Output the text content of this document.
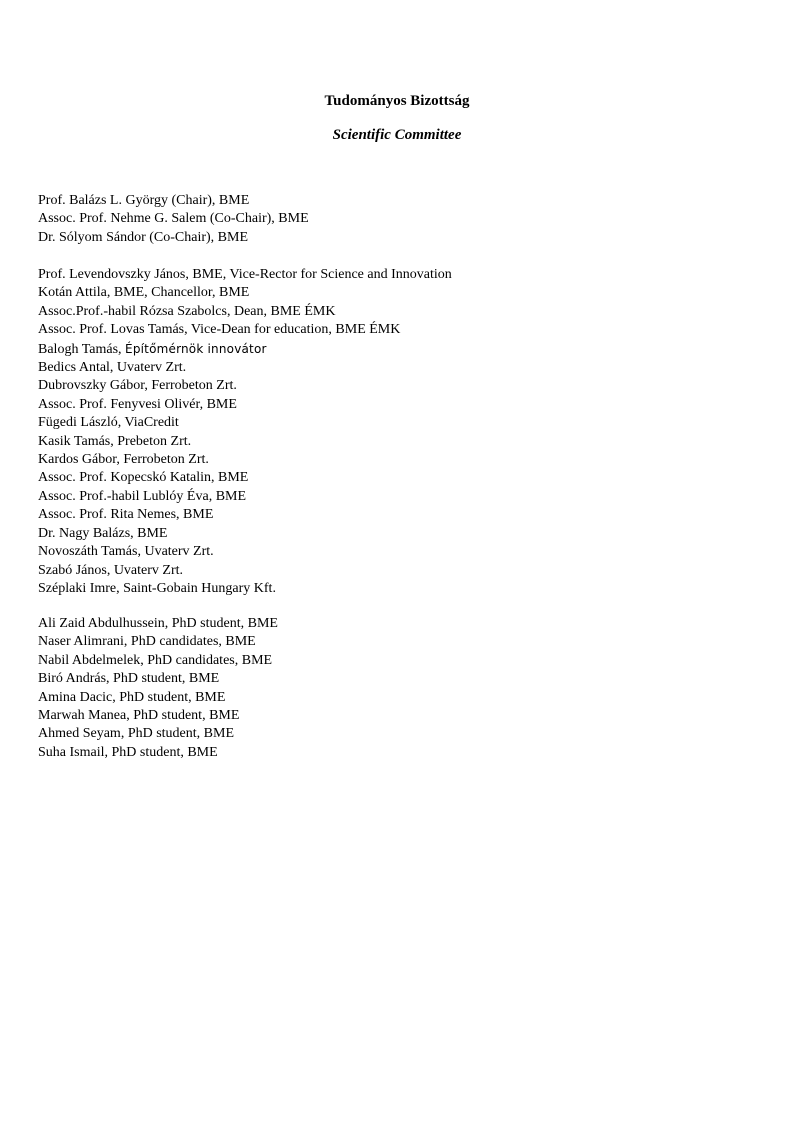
Tudományos Bizottság

Scientific Committee

Prof. Balázs L. György (Chair), BME
Assoc. Prof. Nehme G. Salem (Co-Chair), BME
Dr. Sólyom Sándor (Co-Chair), BME
Prof. Levendovszky János, BME, Vice-Rector for Science and Innovation
Kotán Attila, BME, Chancellor, BME
Assoc.Prof.-habil Rózsa Szabolcs, Dean, BME ÉMK
Assoc. Prof. Lovas Tamás, Vice-Dean for education, BME ÉMK
Balogh Tamás, Építőmérnök innovátor
Bedics Antal, Uvaterv Zrt.
Dubrovszky Gábor, Ferrobeton Zrt.
Assoc. Prof. Fenyvesi Olivér, BME
Fügedi László, ViaCredit
Kasik Tamás, Prebeton Zrt.
Kardos Gábor, Ferrobeton Zrt.
Assoc. Prof. Kopecskó Katalin, BME
Assoc. Prof.-habil Lublóy Éva, BME
Assoc. Prof. Rita Nemes, BME
Dr. Nagy Balázs, BME
Novoszáth Tamás, Uvaterv Zrt.
Szabó János, Uvaterv Zrt.
Széplaki Imre, Saint-Gobain Hungary Kft.
Ali Zaid Abdulhussein, PhD student, BME
Naser Alimrani, PhD candidates, BME
Nabil Abdelmelek, PhD candidates, BME
Biró András, PhD student, BME
Amina Dacic, PhD student, BME
Marwah Manea, PhD student, BME
Ahmed Seyam, PhD student, BME
Suha Ismail, PhD student, BME
